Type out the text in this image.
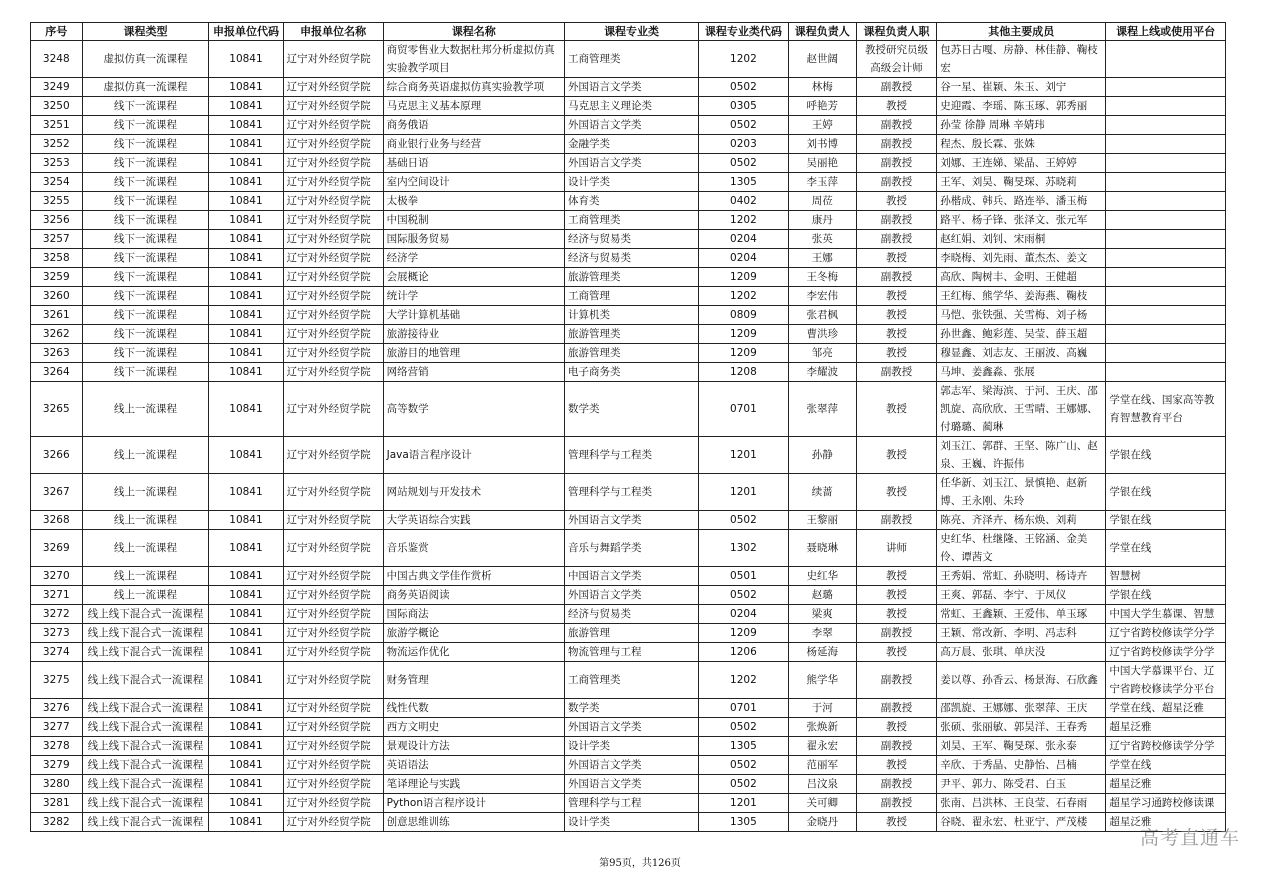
序号	课程类型	申报单位代码	申报单位名称	课程名称	课程专业类	课程专业类代码	课程负责人	课程负责人职	其他主要成员	课程上线或使用平台
3248	虚拟仿真一流课程	10841	辽宁对外经贸学院	商贸零售业大数据杜邦分析虚拟仿真实验教学项目	工商管理类	1202	赵世阔	教授研究员级高级会计师	包苏日古嘎、房静、林佳静、鞠枝宏	
3249	虚拟仿真一流课程	10841	辽宁对外经贸学院	综合商务英语虚拟仿真实验教学项	外国语言文学类	0502	林梅	副教授	谷一星、崔颖、朱玉、刘宁	
3250	线下一流课程	10841	辽宁对外经贸学院	马克思主义基本原理	马克思主义理论类	0305	呼艳芳	教授	史迎霞、李瑶、陈玉琢、郭秀丽	
3251	线下一流课程	10841	辽宁对外经贸学院	商务俄语	外国语言文学类	0502	王婷	副教授	孙莹 徐静 周琳 辛婧玮	
3252	线下一流课程	10841	辽宁对外经贸学院	商业银行业务与经营	金融学类	0203	刘书博	副教授	程杰、殷长霖、张姝	
3253	线下一流课程	10841	辽宁对外经贸学院	基础日语	外国语言文学类	0502	吴丽艳	副教授	刘娜、王连娣、梁晶、王婷婷	
3254	线下一流课程	10841	辽宁对外经贸学院	室内空间设计	设计学类	1305	李玉萍	副教授	王军、刘昊、鞠旻琛、苏晓莉	
3255	线下一流课程	10841	辽宁对外经贸学院	太极拳	体育类	0402	周莅	教授	孙楷成、韩兵、路连举、潘玉梅	
3256	线下一流课程	10841	辽宁对外经贸学院	中国税制	工商管理类	1202	康丹	副教授	路平、杨子锋、张泽文、张元军	
3257	线下一流课程	10841	辽宁对外经贸学院	国际服务贸易	经济与贸易类	0204	张英	副教授	赵红娟、刘钊、宋雨桐	
3258	线下一流课程	10841	辽宁对外经贸学院	经济学	经济与贸易类	0204	王娜	教授	李晓梅、刘先雨、董杰杰、姜文	
3259	线下一流课程	10841	辽宁对外经贸学院	会展概论	旅游管理类	1209	王冬梅	副教授	高欣、陶树丰、金明、王健超	
3260	线下一流课程	10841	辽宁对外经贸学院	统计学	工商管理	1202	李宏伟	教授	王红梅、熊学华、姜海燕、鞠枝	
3261	线下一流课程	10841	辽宁对外经贸学院	大学计算机基础	计算机类	0809	张君枫	教授	马恺、张铁强、关雪梅、刘子杨	
3262	线下一流课程	10841	辽宁对外经贸学院	旅游接待业	旅游管理类	1209	曹洪珍	教授	孙世鑫、鲍彩莲、吴莹、薛玉超	
3263	线下一流课程	10841	辽宁对外经贸学院	旅游目的地管理	旅游管理类	1209	邹亮	教授	穆显鑫、刘志友、王丽波、高巍	
3264	线下一流课程	10841	辽宁对外经贸学院	网络营销	电子商务类	1208	李耀波	副教授	马坤、姜鑫淼、张展	
3265	线上一流课程	10841	辽宁对外经贸学院	高等数学	数学类	0701	张翠萍	教授	郭志军、梁海滨、于河、王庆、邵凯旋、高欣欣、王雪晴、王娜娜、付璐璐、蔺琳	学堂在线、国家高等教育智慧教育平台
3266	线上一流课程	10841	辽宁对外经贸学院	Java语言程序设计	管理科学与工程类	1201	孙静	教授	刘玉江、郭群、王坚、陈广山、赵泉、王巍、许振伟	学银在线
3267	线上一流课程	10841	辽宁对外经贸学院	网站规划与开发技术	管理科学与工程类	1201	续蔷	教授	任华新、刘玉江、景慎艳、赵新博、王永刚、朱玲	学银在线
3268	线上一流课程	10841	辽宁对外经贸学院	大学英语综合实践	外国语言文学类	0502	王黎丽	副教授	陈亮、齐泽卉、杨东焕、刘莉	学银在线
3269	线上一流课程	10841	辽宁对外经贸学院	音乐鉴赏	音乐与舞蹈学类	1302	聂晓琳	讲师	史红华、杜继隆、王铭涵、金美伶、谭茜文	学堂在线
3270	线上一流课程	10841	辽宁对外经贸学院	中国古典文学佳作赏析	中国语言文学类	0501	史红华	教授	王秀娟、常虹、孙晓明、杨诗卉	智慧树
3271	线上一流课程	10841	辽宁对外经贸学院	商务英语阅读	外国语言文学类	0502	赵璐	教授	王爽、郭磊、李宁、于凤仪	学银在线
3272	线上线下混合式一流课程	10841	辽宁对外经贸学院	国际商法	经济与贸易类	0204	梁爽	教授	常虹、王鑫颖、王爱伟、单玉琢	中国大学生慕课、智慧
3273	线上线下混合式一流课程	10841	辽宁对外经贸学院	旅游学概论	旅游管理	1209	李翠	副教授	王颖、常改新、李明、冯志科	辽宁省跨校修读学分学
3274	线上线下混合式一流课程	10841	辽宁对外经贸学院	物流运作优化	物流管理与工程	1206	杨延海	教授	高万晨、张琪、单庆没	辽宁省跨校修读学分学
3275	线上线下混合式一流课程	10841	辽宁对外经贸学院	财务管理	工商管理类	1202	熊学华	副教授	姜以尊、孙香云、杨景海、石欣鑫	中国大学慕课平台、辽宁省跨校修读学分平台
3276	线上线下混合式一流课程	10841	辽宁对外经贸学院	线性代数	数学类	0701	于河	副教授	邵凯旋、王娜娜、张翠萍、王庆	学堂在线、超星泛雅
3277	线上线下混合式一流课程	10841	辽宁对外经贸学院	西方文明史	外国语言文学类	0502	张焕新	教授	张硕、张丽敏、郭昊洋、王春秀	超星泛雅
3278	线上线下混合式一流课程	10841	辽宁对外经贸学院	景观设计方法	设计学类	1305	翟永宏	副教授	刘昊、王军、鞠旻琛、张永泰	辽宁省跨校修读学分学
3279	线上线下混合式一流课程	10841	辽宁对外经贸学院	英语语法	外国语言文学类	0502	范丽军	教授	辛欣、于秀晶、史静怡、吕楠	学堂在线
3280	线上线下混合式一流课程	10841	辽宁对外经贸学院	笔译理论与实践	外国语言文学类	0502	吕汶泉	副教授	尹平、郭力、陈受君、白玉	超星泛雅
3281	线上线下混合式一流课程	10841	辽宁对外经贸学院	Python语言程序设计	管理科学与工程	1201	关可卿	副教授	张南、吕洪林、王良莹、石春雨	超星学习通跨校修读课
3282	线上线下混合式一流课程	10841	辽宁对外经贸学院	创意思维训练	设计学类	1305	金晓丹	教授	谷晓、翟永宏、杜亚宁、严茂楼	超星泛雅
第95页，共126页
高考直通车
